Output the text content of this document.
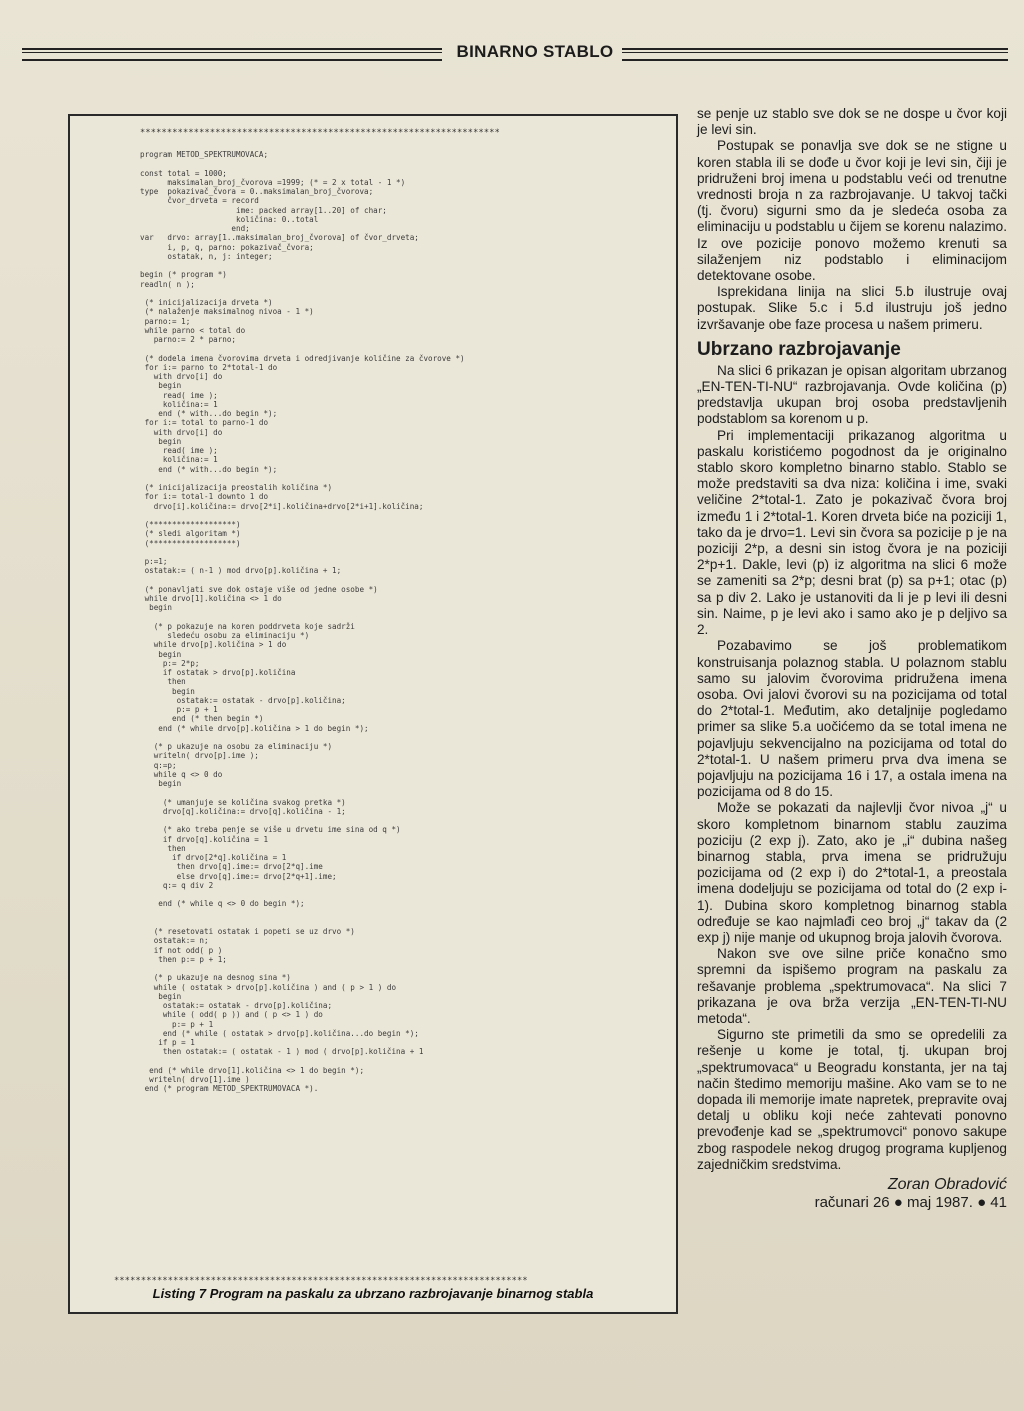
BINARNO STABLO
*******************************************************************
program METOD_SPEKTRUMOVACA;

const total = 1000;
maksimalan_broj_čvorova =1999; (* = 2 x total - 1 *)
type  pokazivač_čvora = 0..maksimalan_broj_čvorova;
čvor_drveta = record
ime: packed array[1..20] of char;
količina: 0..total
end;
var   drvo: array[1..maksimalan_broj_čvorova] of čvor_drveta;
i, p, q, parno: pokazivač_čvora;
ostatak, n, j: integer;

begin (* program *)
readln( n );

(* inicijalizacija drveta *)
(* nalaženje maksimalnog nivoa - 1 *)
parno:= 1;
while parno < total do
parno:= 2 * parno;

(* dodela imena čvorovima drveta i odredjivanje količine za čvorove *)
for i:= parno to 2*total-1 do
with drvo[i] do
begin
read( ime );
količina:= 1
end (* with...do begin *);
for i:= total to parno-1 do
with drvo[i] do
begin
read( ime );
količina:= 1
end (* with...do begin *);

(* inicijalizacija preostalih količina *)
for i:= total-1 downto 1 do
drvo[i].količina:= drvo[2*i].količina+drvo[2*i+1].količina;

(*******************)
(* sledi algoritam *)
(*******************)

p:=1;
ostatak:= ( n-1 ) mod drvo[p].količina + 1;

(* ponavljati sve dok ostaje više od jedne osobe *)
while drvo[1].količina <> 1 do
begin

(* p pokazuje na koren poddrveta koje sadrži
sledeću osobu za eliminaciju *)
while drvo[p].količina > 1 do
begin
p:= 2*p;
if ostatak > drvo[p].količina
then
begin
ostatak:= ostatak - drvo[p].količina;
p:= p + 1
end (* then begin *)
end (* while drvo[p].količina > 1 do begin *);

(* p ukazuje na osobu za eliminaciju *)
writeln( drvo[p].ime );
q:=p;
while q <> 0 do
begin

(* umanjuje se količina svakog pretka *)
drvo[q].količina:= drvo[q].količina - 1;

(* ako treba penje se više u drvetu ime sina od q *)
if drvo[q].količina = 1
then
if drvo[2*q].količina = 1
then drvo[q].ime:= drvo[2*q].ime
else drvo[q].ime:= drvo[2*q+1].ime;
q:= q div 2

end (* while q <> 0 do begin *);

(* resetovati ostatak i popeti se uz drvo *)
ostatak:= n;
if not odd( p )
then p:= p + 1;

(* p ukazuje na desnog sina *)
while ( ostatak > drvo[p].količina ) and ( p > 1 ) do
begin
ostatak:= ostatak - drvo[p].količina;
while ( odd( p )) and ( p <> 1 ) do
p:= p + 1
end (* while ( ostatak > drvo[p].količina...do begin *);
if p = 1
then ostatak:= ( ostatak - 1 ) mod ( drvo[p].količina + 1

end (* while drvo[1].količina <> 1 do begin *);
writeln( drvo[1].ime )
end (* program METOD_SPEKTRUMOVACA *).
*****************************************************************************
Listing 7 Program na paskalu za ubrzano razbrojavanje binarnog stabla

se penje uz stablo sve dok se ne dospe u čvor koji je levi sin.

Postupak se ponavlja sve dok se ne stigne u koren stabla ili se dođe u čvor koji je levi sin, čiji je pridruženi broj imena u podstablu veći od trenutne vrednosti broja n za razbrojavanje. U takvoj tački (tj. čvoru) sigurni smo da je sledeća osoba za eliminaciju u podstablu u čijem se korenu nalazimo. Iz ove pozicije ponovo možemo krenuti sa silaženjem niz podstablo i eliminacijom detektovane osobe.

Isprekidana linija na slici 5.b ilustruje ovaj postupak. Slike 5.c i 5.d ilustruju još jedno izvršavanje obe faze procesa u našem primeru.

Ubrzano razbrojavanje

Na slici 6 prikazan je opisan algoritam ubrzanog „EN-TEN-TI-NU“ razbrojavanja. Ovde količina (p) predstavlja ukupan broj osoba predstavljenih podstablom sa korenom u p.

Pri implementaciji prikazanog algoritma u paskalu koristićemo pogodnost da je originalno stablo skoro kompletno binarno stablo. Stablo se može predstaviti sa dva niza: količina i ime, svaki veličine 2*total-1. Zato je pokazivač čvora broj između 1 i 2*total-1. Koren drveta biće na poziciji 1, tako da je drvo=1. Levi sin čvora sa pozicije p je na poziciji 2*p, a desni sin istog čvora je na poziciji 2*p+1. Dakle, levi (p) iz algoritma na slici 6 može se zameniti sa 2*p; desni brat (p) sa p+1; otac (p) sa p div 2. Lako je ustanoviti da li je p levi ili desni sin. Naime, p je levi ako i samo ako je p deljivo sa 2.

Pozabavimo se još problematikom konstruisanja polaznog stabla. U polaznom stablu samo su jalovim čvorovima pridružena imena osoba. Ovi jalovi čvorovi su na pozicijama od total do 2*total-1. Međutim, ako detaljnije pogledamo primer sa slike 5.a uočićemo da se total imena ne pojavljuju sekvencijalno na pozicijama od total do 2*total-1. U našem primeru prva dva imena se pojavljuju na pozicijama 16 i 17, a ostala imena na pozicijama od 8 do 15.

Može se pokazati da najlevlji čvor nivoa „j“ u skoro kompletnom binarnom stablu zauzima poziciju (2 exp j). Zato, ako je „i“ dubina našeg binarnog stabla, prva imena se pridružuju pozicijama od (2 exp i) do 2*total-1, a preostala imena dodeljuju se pozicijama od total do (2 exp i-1). Dubina skoro kompletnog binarnog stabla određuje se kao najmlađi ceo broj „j“ takav da (2 exp j) nije manje od ukupnog broja jalovih čvorova.

Nakon sve ove silne priče konačno smo spremni da ispišemo program na paskalu za rešavanje problema „spektrumovaca“. Na slici 7 prikazana je ova brža verzija „EN-TEN-TI-NU metoda“.

Sigurno ste primetili da smo se opredelili za rešenje u kome je total, tj. ukupan broj „spektrumovaca“ u Beogradu konstanta, jer na taj način štedimo memoriju mašine. Ako vam se to ne dopada ili memorije imate napretek, prepravite ovaj detalj u obliku koji neće zahtevati ponovno prevođenje kad se „spektrumovci“ ponovo sakupe zbog raspodele nekog drugog programa kupljenog zajedničkim sredstvima.

Zoran Obradović
računari 26 ● maj 1987. ● 41
